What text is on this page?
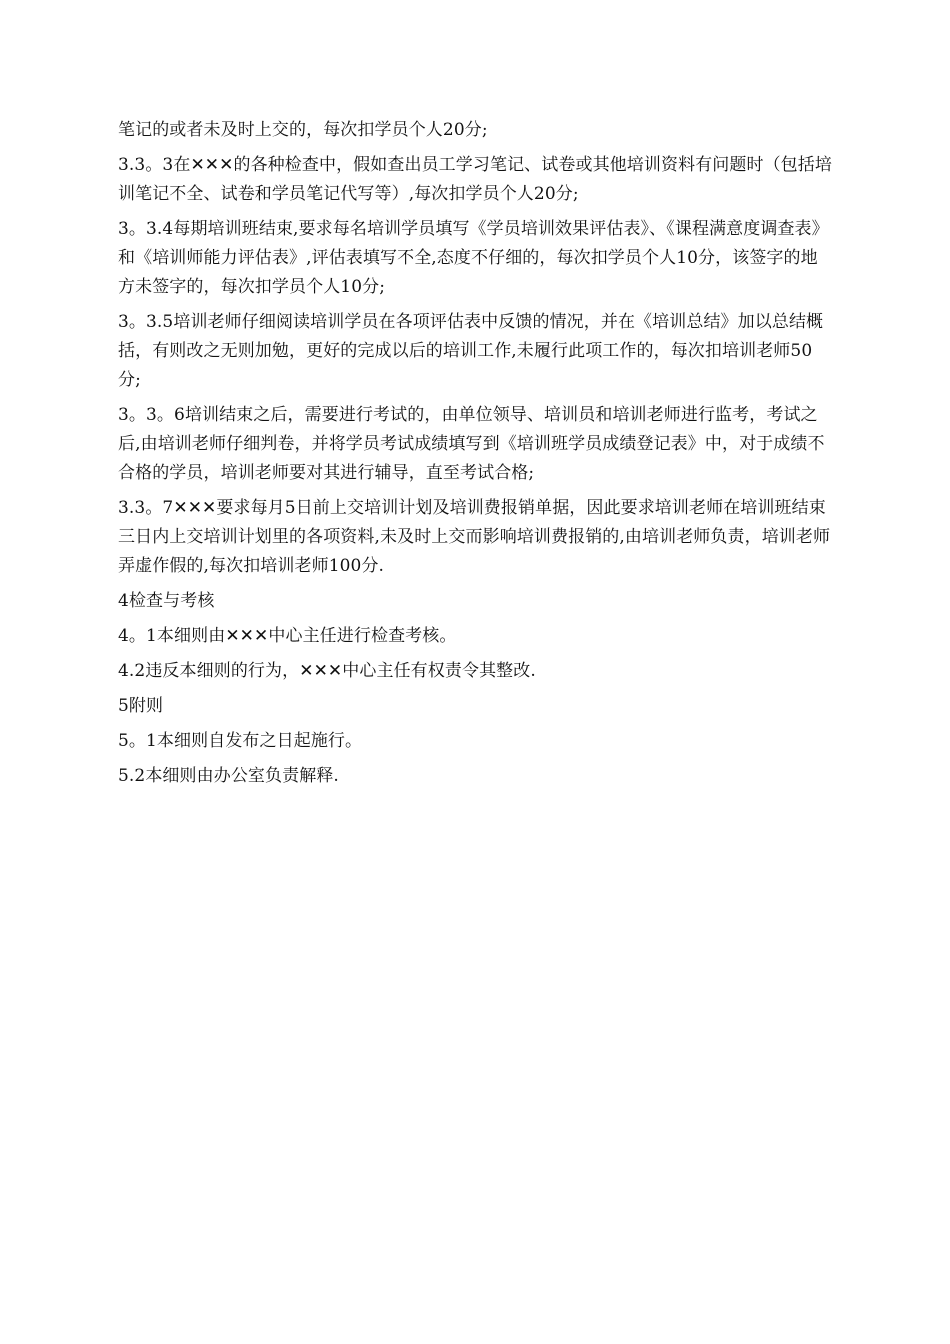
笔记的或者未及时上交的，每次扣学员个人20分;

3.3。3在✕✕✕的各种检查中，假如查出员工学习笔记、试卷或其他培训资料有问题时（包括培训笔记不全、试卷和学员笔记代写等）,每次扣学员个人20分;

3。3.4每期培训班结束,要求每名培训学员填写《学员培训效果评估表》、《课程满意度调查表》和《培训师能力评估表》,评估表填写不全,态度不仔细的，每次扣学员个人10分，该签字的地方未签字的，每次扣学员个人10分;

3。3.5培训老师仔细阅读培训学员在各项评估表中反馈的情况，并在《培训总结》加以总结概括，有则改之无则加勉，更好的完成以后的培训工作,未履行此项工作的，每次扣培训老师50分;

3。3。6培训结束之后，需要进行考试的，由单位领导、培训员和培训老师进行监考，考试之后,由培训老师仔细判卷，并将学员考试成绩填写到《培训班学员成绩登记表》中，对于成绩不合格的学员，培训老师要对其进行辅导，直至考试合格;

3.3。7✕✕✕要求每月5日前上交培训计划及培训费报销单据，因此要求培训老师在培训班结束三日内上交培训计划里的各项资料,未及时上交而影响培训费报销的,由培训老师负责，培训老师弄虚作假的,每次扣培训老师100分.

4检查与考核

4。1本细则由✕✕✕中心主任进行检查考核。

4.2违反本细则的行为，✕✕✕中心主任有权责令其整改.

5附则

5。1本细则自发布之日起施行。

5.2本细则由办公室负责解释.
